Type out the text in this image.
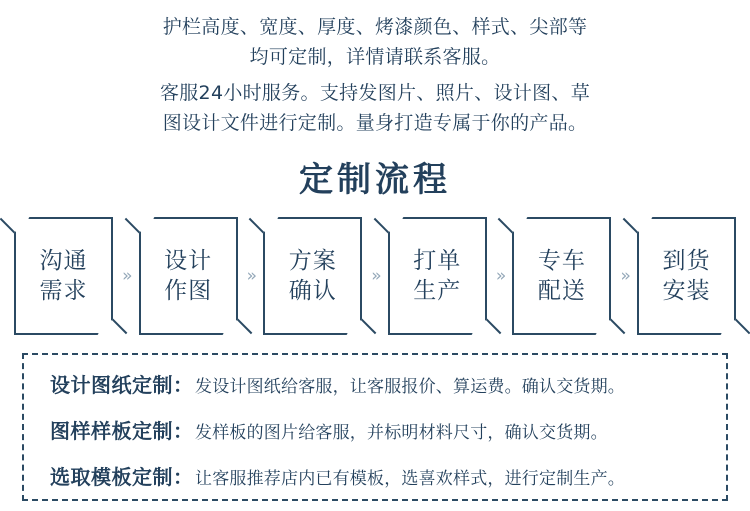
护栏高度、宽度、厚度、烤漆颜色、样式、尖部等

均可定制，详情请联系客服。

客服24小时服务。支持发图片、照片、设计图、草

图设计文件进行定制。量身打造专属于你的产品。

定制流程
沟通
需求
»
设计
作图
»
方案
确认
»
打单
生产
»
专车
配送
»
到货
安装
设计图纸定制 ： 发设计图纸给客服，让客服报价、算运费。确认交货期。
图样样板定制 ： 发样板的图片给客服，并标明材料尺寸，确认交货期。
选取模板定制 ： 让客服推荐店内已有模板，选喜欢样式，进行定制生产。
